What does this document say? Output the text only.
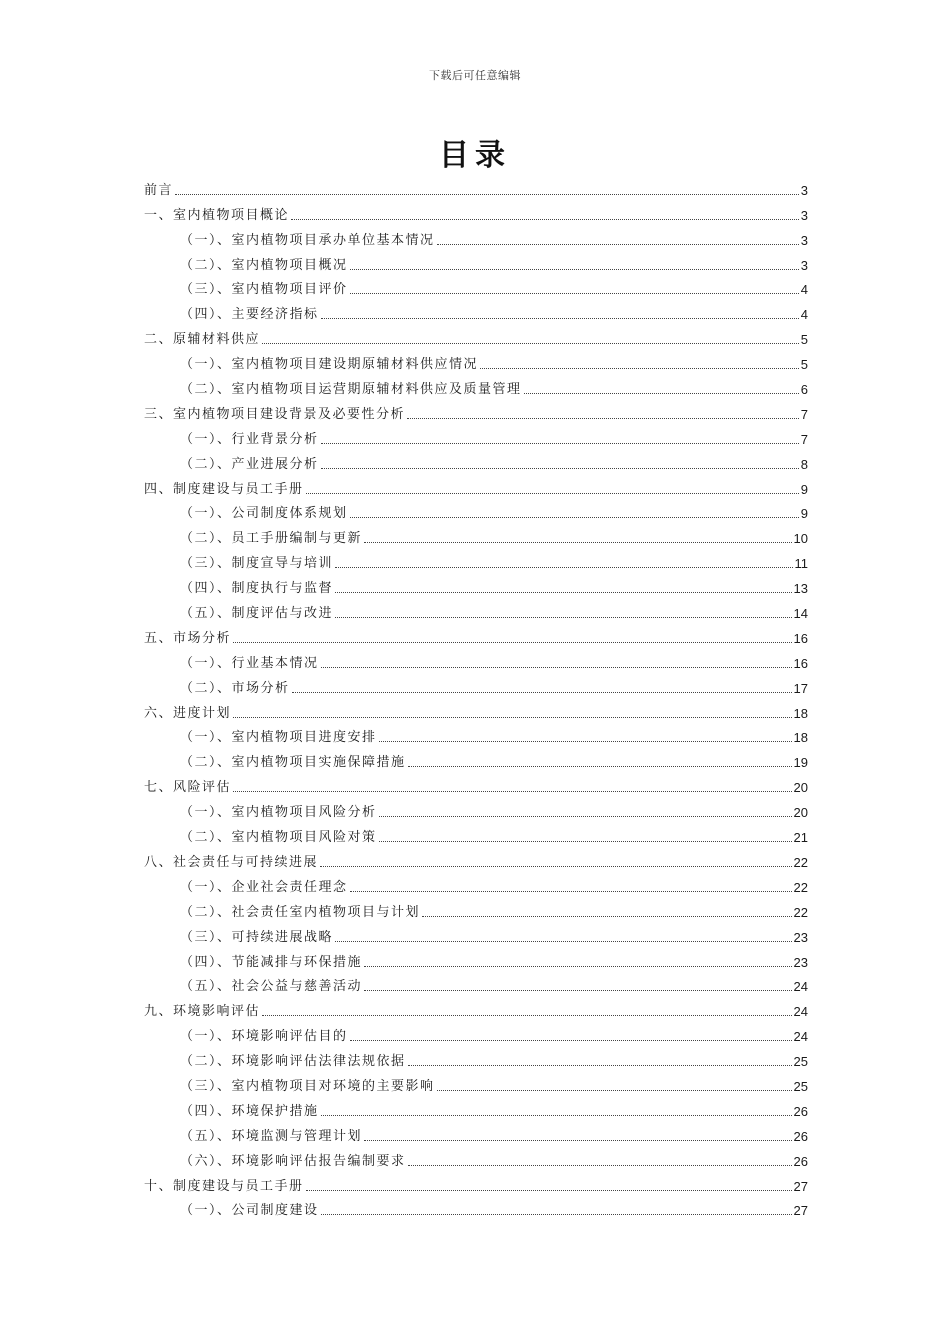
下载后可任意编辑
目录
前言	3
一、室内植物项目概论	3
（一）、室内植物项目承办单位基本情况	3
（二）、室内植物项目概况	3
（三）、室内植物项目评价	4
（四）、主要经济指标	4
二、原辅材料供应	5
（一）、室内植物项目建设期原辅材料供应情况	5
（二）、室内植物项目运营期原辅材料供应及质量管理	6
三、室内植物项目建设背景及必要性分析	7
（一）、行业背景分析	7
（二）、产业进展分析	8
四、制度建设与员工手册	9
（一）、公司制度体系规划	9
（二）、员工手册编制与更新	10
（三）、制度宣导与培训	11
（四）、制度执行与监督	13
（五）、制度评估与改进	14
五、市场分析	16
（一）、行业基本情况	16
（二）、市场分析	17
六、进度计划	18
（一）、室内植物项目进度安排	18
（二）、室内植物项目实施保障措施	19
七、风险评估	20
（一）、室内植物项目风险分析	20
（二）、室内植物项目风险对策	21
八、社会责任与可持续进展	22
（一）、企业社会责任理念	22
（二）、社会责任室内植物项目与计划	22
（三）、可持续进展战略	23
（四）、节能减排与环保措施	23
（五）、社会公益与慈善活动	24
九、环境影响评估	24
（一）、环境影响评估目的	24
（二）、环境影响评估法律法规依据	25
（三）、室内植物项目对环境的主要影响	25
（四）、环境保护措施	26
（五）、环境监测与管理计划	26
（六）、环境影响评估报告编制要求	26
十、制度建设与员工手册	27
（一）、公司制度建设	27
